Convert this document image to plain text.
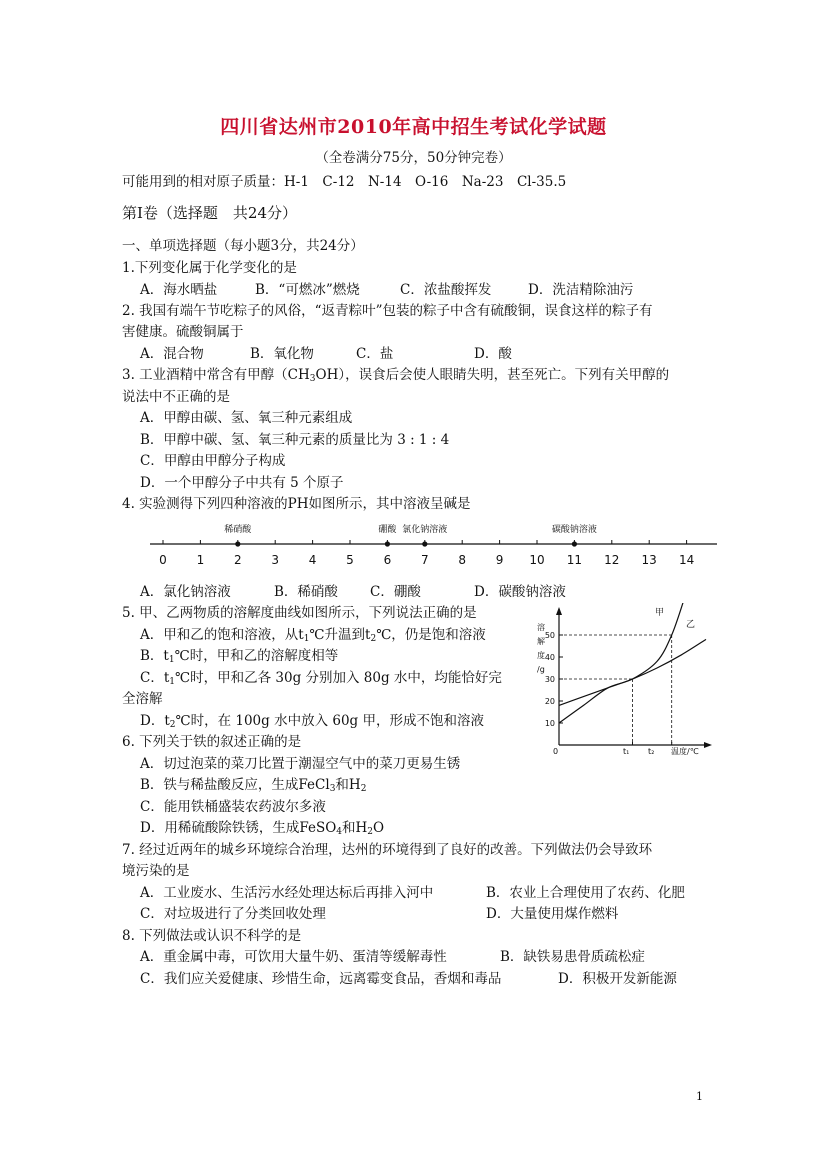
四川省达州市2010年高中招生考试化学试题
（全卷满分75分，50分钟完卷）
可能用到的相对原子质量：H-1　C-12　N-14　O-16　Na-23　Cl-35.5
第Ⅰ卷（选择题　共24分）
一、单项选择题（每小题3分，共24分）
1.下列变化属于化学变化的是
A．海水晒盐	B．“可燃冰”燃烧	C．浓盐酸挥发	D．洗洁精除油污
2. 我国有端午节吃粽子的风俗，“返青粽叶”包装的粽子中含有硫酸铜，误食这样的粽子有
害健康。硫酸铜属于
A．混合物	B．氧化物	C．盐	D．酸
3. 工业酒精中常含有甲醇$(CH_3OH)$，误食后会使人眼睛失明，甚至死亡。下列有关甲醇的
说法中不正确的是
A．甲醇由碳、氢、氧三种元素组成
B．甲醇中碳、氢、氧三种元素的质量比为 3 : 1 : 4
C．甲醇由甲醇分子构成
D．一个甲醇分子中共有 5 个原子
4. 实验测得下列四种溶液的PH如图所示，其中溶液呈碱是
0 1 2 3 4 5 6 7 8 9 10 11 12 13 14
稀硝酸	硼酸 氯化钠溶液	碳酸钠溶液
A．氯化钠溶液	B．稀硝酸 C．硼酸	D．碳酸钠溶液
5. 甲、乙两物质的溶解度曲线如图所示，下列说法正确的是
A．甲和乙的饱和溶液，从$t_1℃$升温到$t_2℃$，仍是饱和溶液
B．$t_1℃$时，甲和乙的溶解度相等
C．$t_1℃$时，甲和乙各 30g 分别加入 80g 水中，均能恰好完
全溶解
D．$t_2℃$时，在 100g 水中放入 60g 甲，形成不饱和溶液	10
20
30
40
50
甲
乙
溶
解
度
/g
0	t₁ t₂ 温度/℃
6. 下列关于铁的叙述正确的是
A．切过泡菜的菜刀比置于潮湿空气中的菜刀更易生锈
B．铁与稀盐酸反应，生成FeCl$_3$和$H_2$
C．能用铁桶盛装农药波尔多液
D．用稀硫酸除铁锈，生成FeSO$_4$和$H_2O$
7. 经过近两年的城乡环境综合治理，达州的环境得到了良好的改善。下列做法仍会导致环
境污染的是
A．工业废水、生活污水经处理达标后再排入河中	B．农业上合理使用了农药、化肥
C．对垃圾进行了分类回收处理	D．大量使用煤作燃料
8. 下列做法或认识不科学的是
A．重金属中毒，可饮用大量牛奶、蛋清等缓解毒性	B．缺铁易患骨质疏松症
C．我们应关爱健康、珍惜生命，远离霉变食品，香烟和毒品	D．积极开发新能源
1
